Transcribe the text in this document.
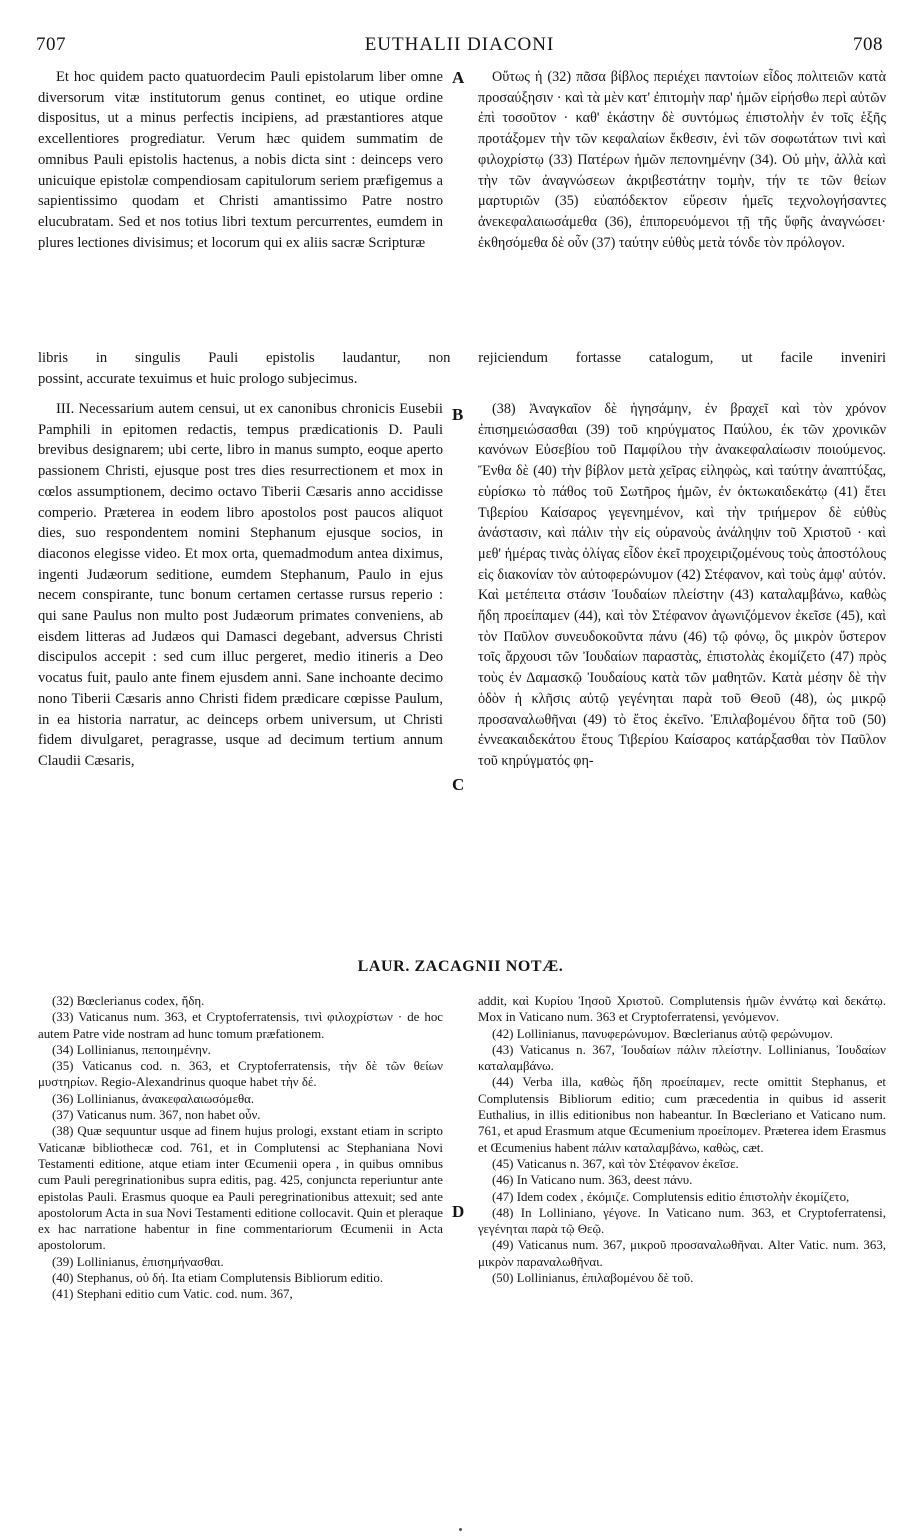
707	EUTHALII DIACONI	708

Et hoc quidem pacto quatuordecim Pauli epistolarum liber omne diversorum vitæ institutorum genus continet, eo utique ordine dispositus, ut a minus perfectis incipiens, ad præstantiores atque excellentiores progrediatur. Verum hæc quidem summatim de omnibus Pauli epistolis hactenus, a nobis dicta sint : deinceps vero unicuique epistolæ compendiosam capitulorum seriem præfigemus a sapientissimo quodam et Christi amantissimo Patre nostro elucubratam. Sed et nos totius libri textum percurrentes, eumdem in plures lectiones divisimus; et locorum qui ex aliis sacræ Scripturæ

Οὕτως ἡ (32) πᾶσα βίβλος περιέχει παντοίων εἶδος πολιτειῶν κατὰ προσαύξησιν · καὶ τὰ μὲν κατ' ἐπιτομὴν παρ' ἡμῶν εἰρήσθω περὶ αὐτῶν ἐπὶ τοσοῦτον · καθ' ἑκάστην δὲ συντόμως ἐπιστολὴν ἐν τοῖς ἑξῆς προτάξομεν τὴν τῶν κεφαλαίων ἔκθεσιν, ἑνὶ τῶν σοφωτάτων τινὶ καὶ φιλοχρίστῳ (33) Πατέρων ἡμῶν πεπονημένην (34). Οὐ μὴν, ἀλλὰ καὶ τὴν τῶν ἀναγνώσεων ἀκριβεστάτην τομὴν, τήν τε τῶν θείων μαρτυριῶν (35) εὐαπόδεκτον εὕρεσιν ἡμεῖς τεχνολογήσαντες ἀνεκεφαλαιωσάμεθα (36), ἐπιπορευόμενοι τῇ τῆς ὕφῆς ἀναγνώσει· ἐκθησόμεθα δὲ οὖν (37) ταύτην εὐθὺς μετὰ τόνδε τὸν πρόλογον.

libris in singulis Pauli epistolis laudantur, non rejiciendum fortasse catalogum, ut facile inveniri
possint, accurate texuimus et huic prologo subjecimus.

III. Necessarium autem censui, ut ex canonibus chronicis Eusebii Pamphili in epitomen redactis, tempus prædicationis D. Pauli brevibus designarem; ubi certe, libro in manus sumpto, eoque aperto passionem Christi, ejusque post tres dies resurrectionem et mox in cœlos assumptionem, decimo octavo Tiberii Cæsaris anno accidisse comperio. Præterea in eodem libro apostolos post paucos aliquot dies, suo respondentem nomini Stephanum ejusque socios, in diaconos elegisse video. Et mox orta, quemadmodum antea diximus, ingenti Judæorum seditione, eumdem Stephanum, Paulo in ejus necem conspirante, tunc bonum certamen certasse rursus reperio : qui sane Paulus non multo post Judæorum primates conveniens, ab eisdem litteras ad Judæos qui Damasci degebant, adversus Christi discipulos accepit : sed cum illuc pergeret, medio itineris a Deo vocatus fuit, paulo ante finem ejusdem anni. Sane inchoante decimo nono Tiberii Cæsaris anno Christi fidem prædicare cœpisse Paulum, in ea historia narratur, ac deinceps orbem universum, ut Christi fidem divulgaret, peragrasse, usque ad decimum tertium annum Claudii Cæsaris,

(38) Ἀναγκαῖον δὲ ἡγησάμην, ἐν βραχεῖ καὶ τὸν χρόνον ἐπισημειώσασθαι (39) τοῦ κηρύγματος Παύλου, ἐκ τῶν χρονικῶν κανόνων Εὐσεβίου τοῦ Παμφίλου τὴν ἀνακεφαλαίωσιν ποιούμενος. Ἔνθα δὲ (40) τὴν βίβλον μετὰ χεῖρας εἰληφὼς, καὶ ταύτην ἀναπτύξας, εὑρίσκω τὸ πάθος τοῦ Σωτῆρος ἡμῶν, ἐν ὀκτωκαιδεκάτῳ (41) ἔτει Τιβερίου Καίσαρος γεγενημένον, καὶ τὴν τριήμερον δὲ εὐθὺς ἀνάστασιν, καὶ πάλιν τὴν εἰς οὐρανοὺς ἀνάληψιν τοῦ Χριστοῦ · καὶ μεθ' ἡμέρας τινὰς ὀλίγας εἶδον ἐκεῖ προχειριζομένους τοὺς ἀποστόλους εἰς διακονίαν τὸν αὐτοφερώνυμον (42) Στέφανον, καὶ τοὺς ἀμφ' αὐτόν. Καὶ μετέπειτα στάσιν Ἰουδαίων πλείστην (43) καταλαμβάνω, καθὼς ἤδη προείπαμεν (44), καὶ τὸν Στέφανον ἀγωνιζόμενον ἐκεῖσε (45), καὶ τὸν Παῦλον συνευδοκοῦντα πάνυ (46) τῷ φόνῳ, ὃς μικρὸν ὕστερον τοῖς ἄρχουσι τῶν Ἰουδαίων παραστὰς, ἐπιστολὰς ἐκομίζετο (47) πρὸς τοὺς ἐν Δαμασκῷ Ἰουδαίους κατὰ τῶν μαθητῶν. Κατὰ μέσην δὲ τὴν ὁδὸν ἡ κλῆσις αὐτῷ γεγένηται παρὰ τοῦ Θεοῦ (48), ὡς μικρῷ προσαναλωθῆναι (49) τὸ ἔτος ἐκεῖνο. Ἐπιλαβομένου δῆτα τοῦ (50) ἐννεακαιδεκάτου ἔτους Τιβερίου Καίσαρος κατάρξασθαι τὸν Παῦλον τοῦ κηρύγματός φη-

A
B
C
D
LAUR. ZACAGNII NOTÆ.

(32) Bœclerianus codex, ἤδη.

(33) Vaticanus num. 363, et Cryptoferratensis, τινὶ φιλοχρίστων · de hoc autem Patre vide nostram ad hunc tomum præfationem.

(34) Lollinianus, πεποιημένην.

(35) Vaticanus cod. n. 363, et Cryptoferratensis, τὴν δὲ τῶν θείων μυστηρίων. Regio-Alexandrinus quoque habet τὴν δέ.

(36) Lollinianus, ἀνακεφαλαιωσόμεθα.

(37) Vaticanus num. 367, non habet οὖν.

(38) Quæ sequuntur usque ad finem hujus prologi, exstant etiam in scripto Vaticanæ bibliothecæ cod. 761, et in Complutensi ac Stephaniana Novi Testamenti editione, atque etiam inter Œcumenii opera , in quibus omnibus cum Pauli peregrinationibus supra editis, pag. 425, conjuncta reperiuntur ante epistolas Pauli. Erasmus quoque ea Pauli peregrinationibus attexuit; sed ante apostolorum Acta in sua Novi Testamenti editione collocavit. Quin et pleraque ex hac narratione habentur in fine commentariorum Œcumenii in Acta apostolorum.

(39) Lollinianus, ἐπισημήνασθαι.

(40) Stephanus, οὐ δή. Ita etiam Complutensis Bibliorum editio.

(41) Stephani editio cum Vatic. cod. num. 367,

addit, καὶ Κυρίου Ἰησοῦ Χριστοῦ. Complutensis ἡμῶν ἐννάτῳ καὶ δεκάτῳ. Mox in Vaticano num. 363 et Cryptoferratensi, γενόμενον.

(42) Lollinianus, πανυφερώνυμον. Bœclerianus αὐτῷ φερώνυμον.

(43) Vaticanus n. 367, Ἰουδαίων πάλιν πλείστην. Lollinianus, Ἰουδαίων καταλαμβάνω.

(44) Verba illa, καθὼς ἤδη προείπαμεν, recte omittit Stephanus, et Complutensis Bibliorum editio; cum præcedentia in quibus id asserit Euthalius, in illis editionibus non habeantur. In Bœcleriano et Vaticano num. 761, et apud Erasmum atque Œcumenium προείπομεν. Præterea idem Erasmus et Œcumenius habent πάλιν καταλαμβάνω, καθὼς, cæt.

(45) Vaticanus n. 367, καὶ τὸν Στέφανον ἐκεῖσε.

(46) In Vaticano num. 363, deest πάνυ.

(47) Idem codex , ἐκόμιζε. Complutensis editio ἐπιστολὴν ἐκομίζετο,

(48) In Lolliniano, γέγονε. In Vaticano num. 363, et Cryptoferratensi, γεγένηται παρὰ τῷ Θεῷ.

(49) Vaticanus num. 367, μικροῦ προσαναλωθῆναι. Alter Vatic. num. 363, μικρὸν παραναλωθῆναι.

(50) Lollinianus, ἐπιλαβομένου δὲ τοῦ.
